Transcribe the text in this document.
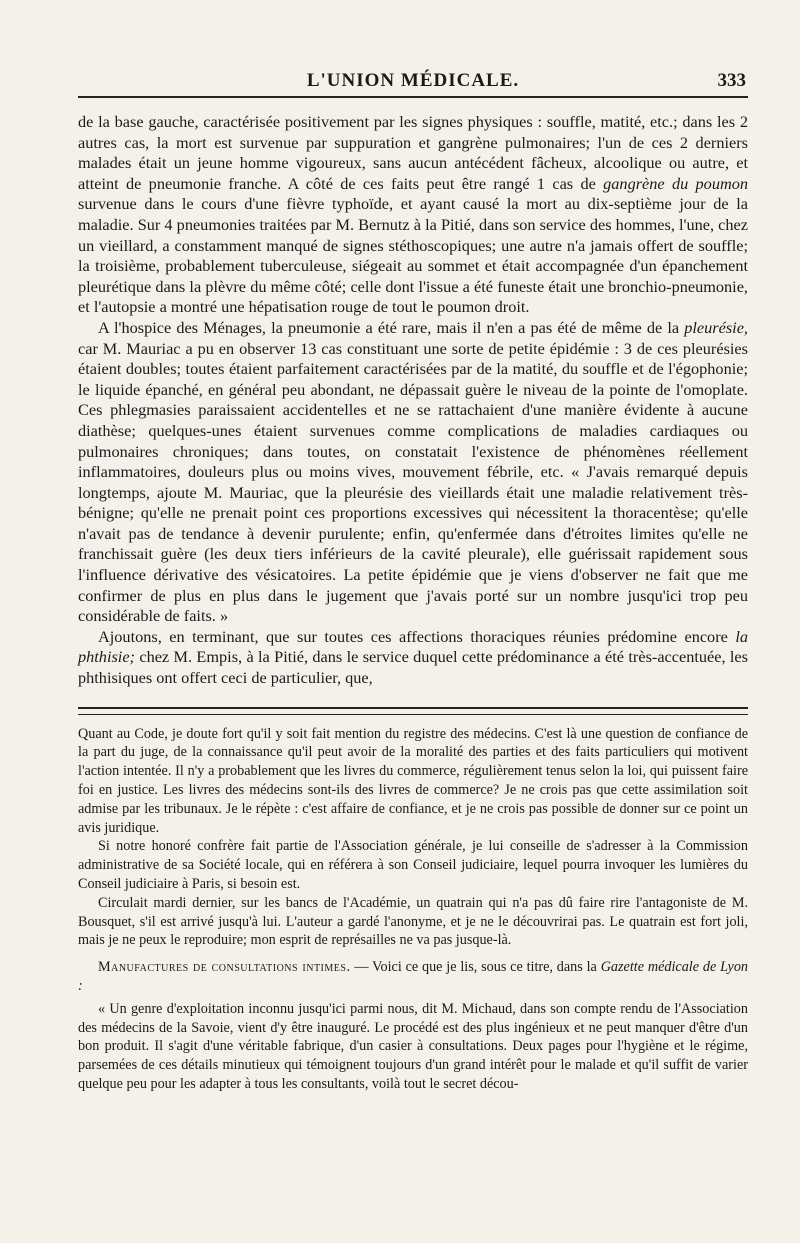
L'UNION MÉDICALE.	333

de la base gauche, caractérisée positivement par les signes physiques : souffle, matité, etc.; dans les 2 autres cas, la mort est survenue par suppuration et gangrène pulmonaires; l'un de ces 2 derniers malades était un jeune homme vigoureux, sans aucun antécédent fâcheux, alcoolique ou autre, et atteint de pneumonie franche. A côté de ces faits peut être rangé 1 cas de gangrène du poumon survenue dans le cours d'une fièvre typhoïde, et ayant causé la mort au dix-septième jour de la maladie. Sur 4 pneumonies traitées par M. Bernutz à la Pitié, dans son service des hommes, l'une, chez un vieillard, a constamment manqué de signes stéthoscopiques; une autre n'a jamais offert de souffle; la troisième, probablement tuberculeuse, siégeait au sommet et était accompagnée d'un épanchement pleurétique dans la plèvre du même côté; celle dont l'issue a été funeste était une bronchio-pneumonie, et l'autopsie a montré une hépatisation rouge de tout le poumon droit.

A l'hospice des Ménages, la pneumonie a été rare, mais il n'en a pas été de même de la pleurésie, car M. Mauriac a pu en observer 13 cas constituant une sorte de petite épidémie : 3 de ces pleurésies étaient doubles; toutes étaient parfaitement caractérisées par de la matité, du souffle et de l'égophonie; le liquide épanché, en général peu abondant, ne dépassait guère le niveau de la pointe de l'omoplate. Ces phlegmasies paraissaient accidentelles et ne se rattachaient d'une manière évidente à aucune diathèse; quelques-unes étaient survenues comme complications de maladies cardiaques ou pulmonaires chroniques; dans toutes, on constatait l'existence de phénomènes réellement inflammatoires, douleurs plus ou moins vives, mouvement fébrile, etc. « J'avais remarqué depuis longtemps, ajoute M. Mauriac, que la pleurésie des vieillards était une maladie relativement très-bénigne; qu'elle ne prenait point ces proportions excessives qui nécessitent la thoracentèse; qu'elle n'avait pas de tendance à devenir purulente; enfin, qu'enfermée dans d'étroites limites qu'elle ne franchissait guère (les deux tiers inférieurs de la cavité pleurale), elle guérissait rapidement sous l'influence dérivative des vésicatoires. La petite épidémie que je viens d'observer ne fait que me confirmer de plus en plus dans le jugement que j'avais porté sur un nombre jusqu'ici trop peu considérable de faits. »

Ajoutons, en terminant, que sur toutes ces affections thoraciques réunies prédomine encore la phthisie; chez M. Empis, à la Pitié, dans le service duquel cette prédominance a été très-accentuée, les phthisiques ont offert ceci de particulier, que,

Quant au Code, je doute fort qu'il y soit fait mention du registre des médecins. C'est là une question de confiance de la part du juge, de la connaissance qu'il peut avoir de la moralité des parties et des faits particuliers qui motivent l'action intentée. Il n'y a probablement que les livres du commerce, régulièrement tenus selon la loi, qui puissent faire foi en justice. Les livres des médecins sont-ils des livres de commerce? Je ne crois pas que cette assimilation soit admise par les tribunaux. Je le répète : c'est affaire de confiance, et je ne crois pas possible de donner sur ce point un avis juridique.

Si notre honoré confrère fait partie de l'Association générale, je lui conseille de s'adresser à la Commission administrative de sa Société locale, qui en référera à son Conseil judiciaire, lequel pourra invoquer les lumières du Conseil judiciaire à Paris, si besoin est.

Circulait mardi dernier, sur les bancs de l'Académie, un quatrain qui n'a pas dû faire rire l'antagoniste de M. Bousquet, s'il est arrivé jusqu'à lui. L'auteur a gardé l'anonyme, et je ne le découvrirai pas. Le quatrain est fort joli, mais je ne peux le reproduire; mon esprit de représailles ne va pas jusque-là.

Manufactures de consultations intimes. — Voici ce que je lis, sous ce titre, dans la Gazette médicale de Lyon :

« Un genre d'exploitation inconnu jusqu'ici parmi nous, dit M. Michaud, dans son compte rendu de l'Association des médecins de la Savoie, vient d'y être inauguré. Le procédé est des plus ingénieux et ne peut manquer d'être d'un bon produit. Il s'agit d'une véritable fabrique, d'un casier à consultations. Deux pages pour l'hygiène et le régime, parsemées de ces détails minutieux qui témoignent toujours d'un grand intérêt pour le malade et qu'il suffit de varier quelque peu pour les adapter à tous les consultants, voilà tout le secret décou-
